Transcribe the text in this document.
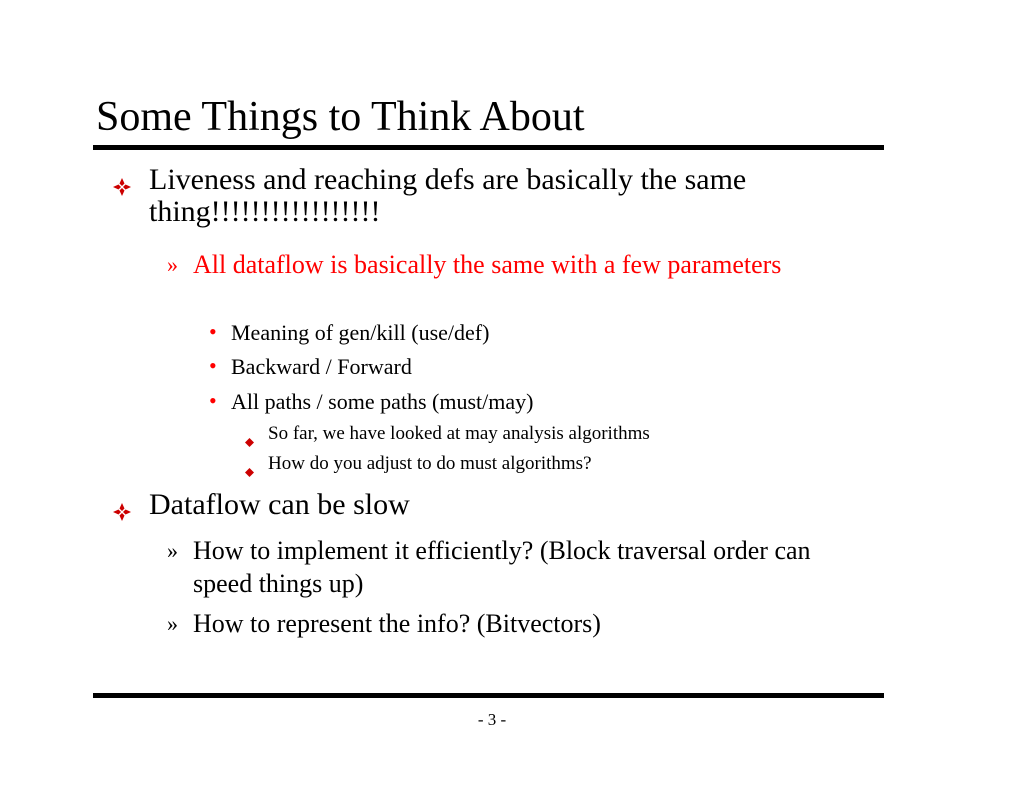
Some Things to Think About
Liveness and reaching defs are basically the same thing!!!!!!!!!!!!!!!!!
» All dataflow is basically the same with a few parameters
• Meaning of gen/kill (use/def)
• Backward / Forward
• All paths / some paths (must/may)
So far, we have looked at may analysis algorithms
How do you adjust to do must algorithms?
Dataflow can be slow
» How to implement it efficiently? (Block traversal order can speed things up)
» How to represent the info? (Bitvectors)
- 3 -
